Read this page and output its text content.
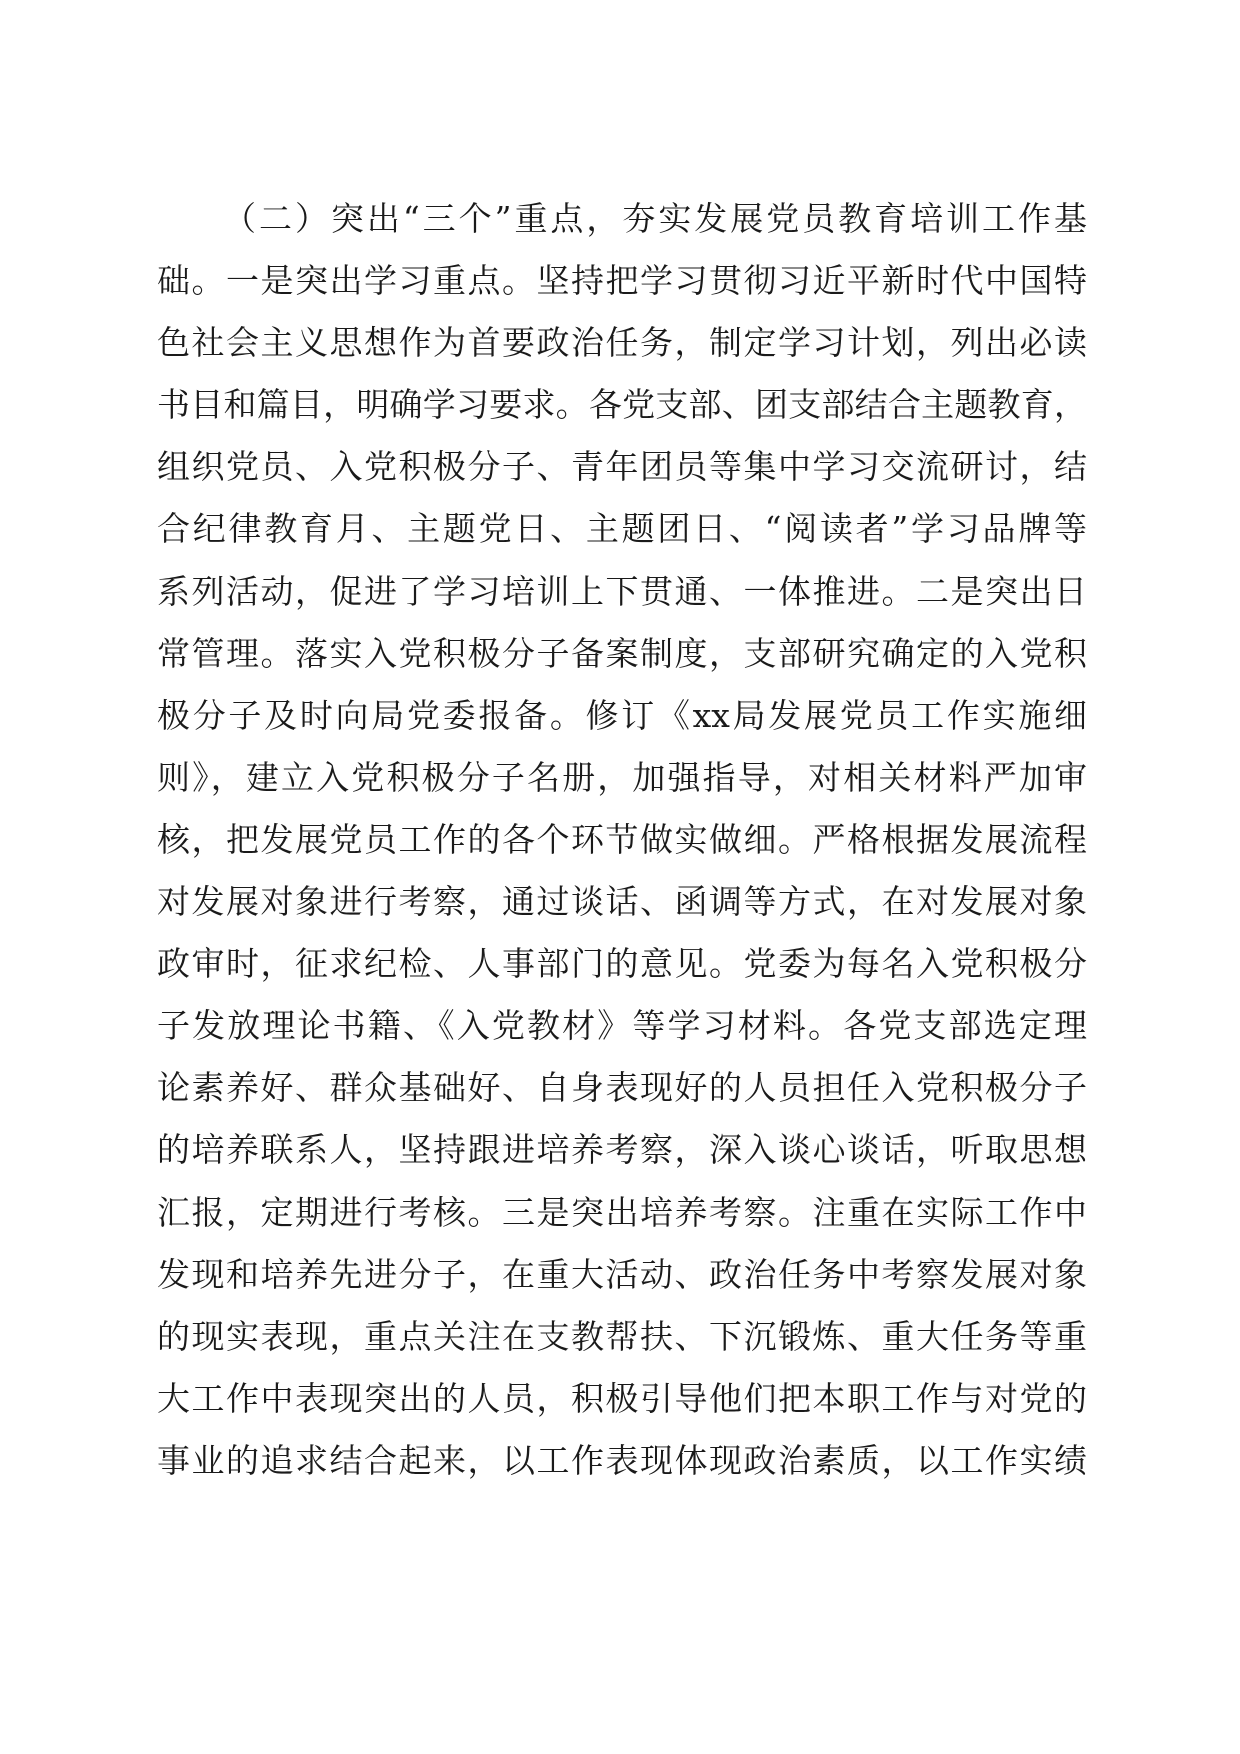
（二）突出“三个”重点，夯实发展党员教育培训工作基
础。一是突出学习重点。坚持把学习贯彻习近平新时代中国特
色社会主义思想作为首要政治任务，制定学习计划，列出必读
书目和篇目，明确学习要求。各党支部、团支部结合主题教育，
组织党员、入党积极分子、青年团员等集中学习交流研讨，结
合纪律教育月、主题党日、主题团日、“阅读者”学习品牌等
系列活动，促进了学习培训上下贯通、一体推进。二是突出日
常管理。落实入党积极分子备案制度，支部研究确定的入党积
极分子及时向局党委报备。修订《xx局发展党员工作实施细
则》，建立入党积极分子名册，加强指导，对相关材料严加审
核，把发展党员工作的各个环节做实做细。严格根据发展流程
对发展对象进行考察，通过谈话、函调等方式，在对发展对象
政审时，征求纪检、人事部门的意见。党委为每名入党积极分
子发放理论书籍、《入党教材》等学习材料。各党支部选定理
论素养好、群众基础好、自身表现好的人员担任入党积极分子
的培养联系人，坚持跟进培养考察，深入谈心谈话，听取思想
汇报，定期进行考核。三是突出培养考察。注重在实际工作中
发现和培养先进分子，在重大活动、政治任务中考察发展对象
的现实表现，重点关注在支教帮扶、下沉锻炼、重大任务等重
大工作中表现突出的人员，积极引导他们把本职工作与对党的
事业的追求结合起来，以工作表现体现政治素质，以工作实绩
